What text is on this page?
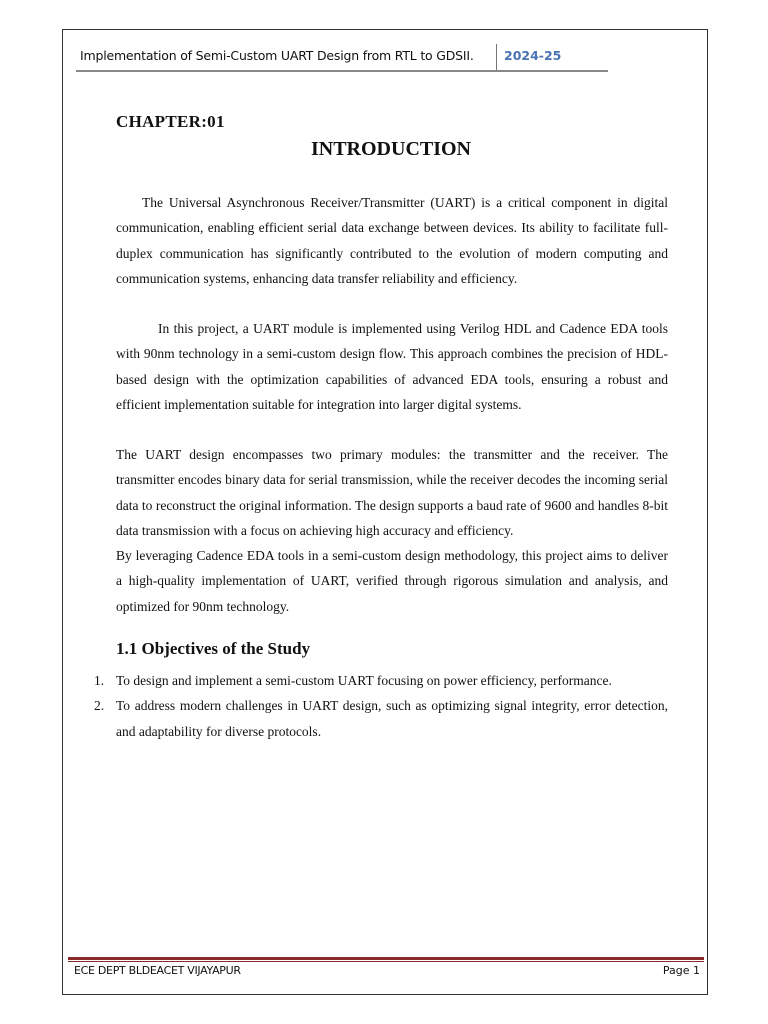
Implementation of Semi-Custom UART Design from RTL to GDSII. 2024-25
CHAPTER:01
INTRODUCTION

The Universal Asynchronous Receiver/Transmitter (UART) is a critical component in digital communication, enabling efficient serial data exchange between devices. Its ability to facilitate full-duplex communication has significantly contributed to the evolution of modern computing and communication systems, enhancing data transfer reliability and efficiency.

In this project, a UART module is implemented using Verilog HDL and Cadence EDA tools with 90nm technology in a semi-custom design flow. This approach combines the precision of HDL-based design with the optimization capabilities of advanced EDA tools, ensuring a robust and efficient implementation suitable for integration into larger digital systems.

The UART design encompasses two primary modules: the transmitter and the receiver. The transmitter encodes binary data for serial transmission, while the receiver decodes the incoming serial data to reconstruct the original information. The design supports a baud rate of 9600 and handles 8-bit data transmission with a focus on achieving high accuracy and efficiency.

By leveraging Cadence EDA tools in a semi-custom design methodology, this project aims to deliver a high-quality implementation of UART, verified through rigorous simulation and analysis, and optimized for 90nm technology.

1.1 Objectives of the Study
1. To design and implement a semi-custom UART focusing on power efficiency, performance.
2. To address modern challenges in UART design, such as optimizing signal integrity, error detection, and adaptability for diverse protocols.
ECE DEPT BLDEACET VIJAYAPUR	Page 1
